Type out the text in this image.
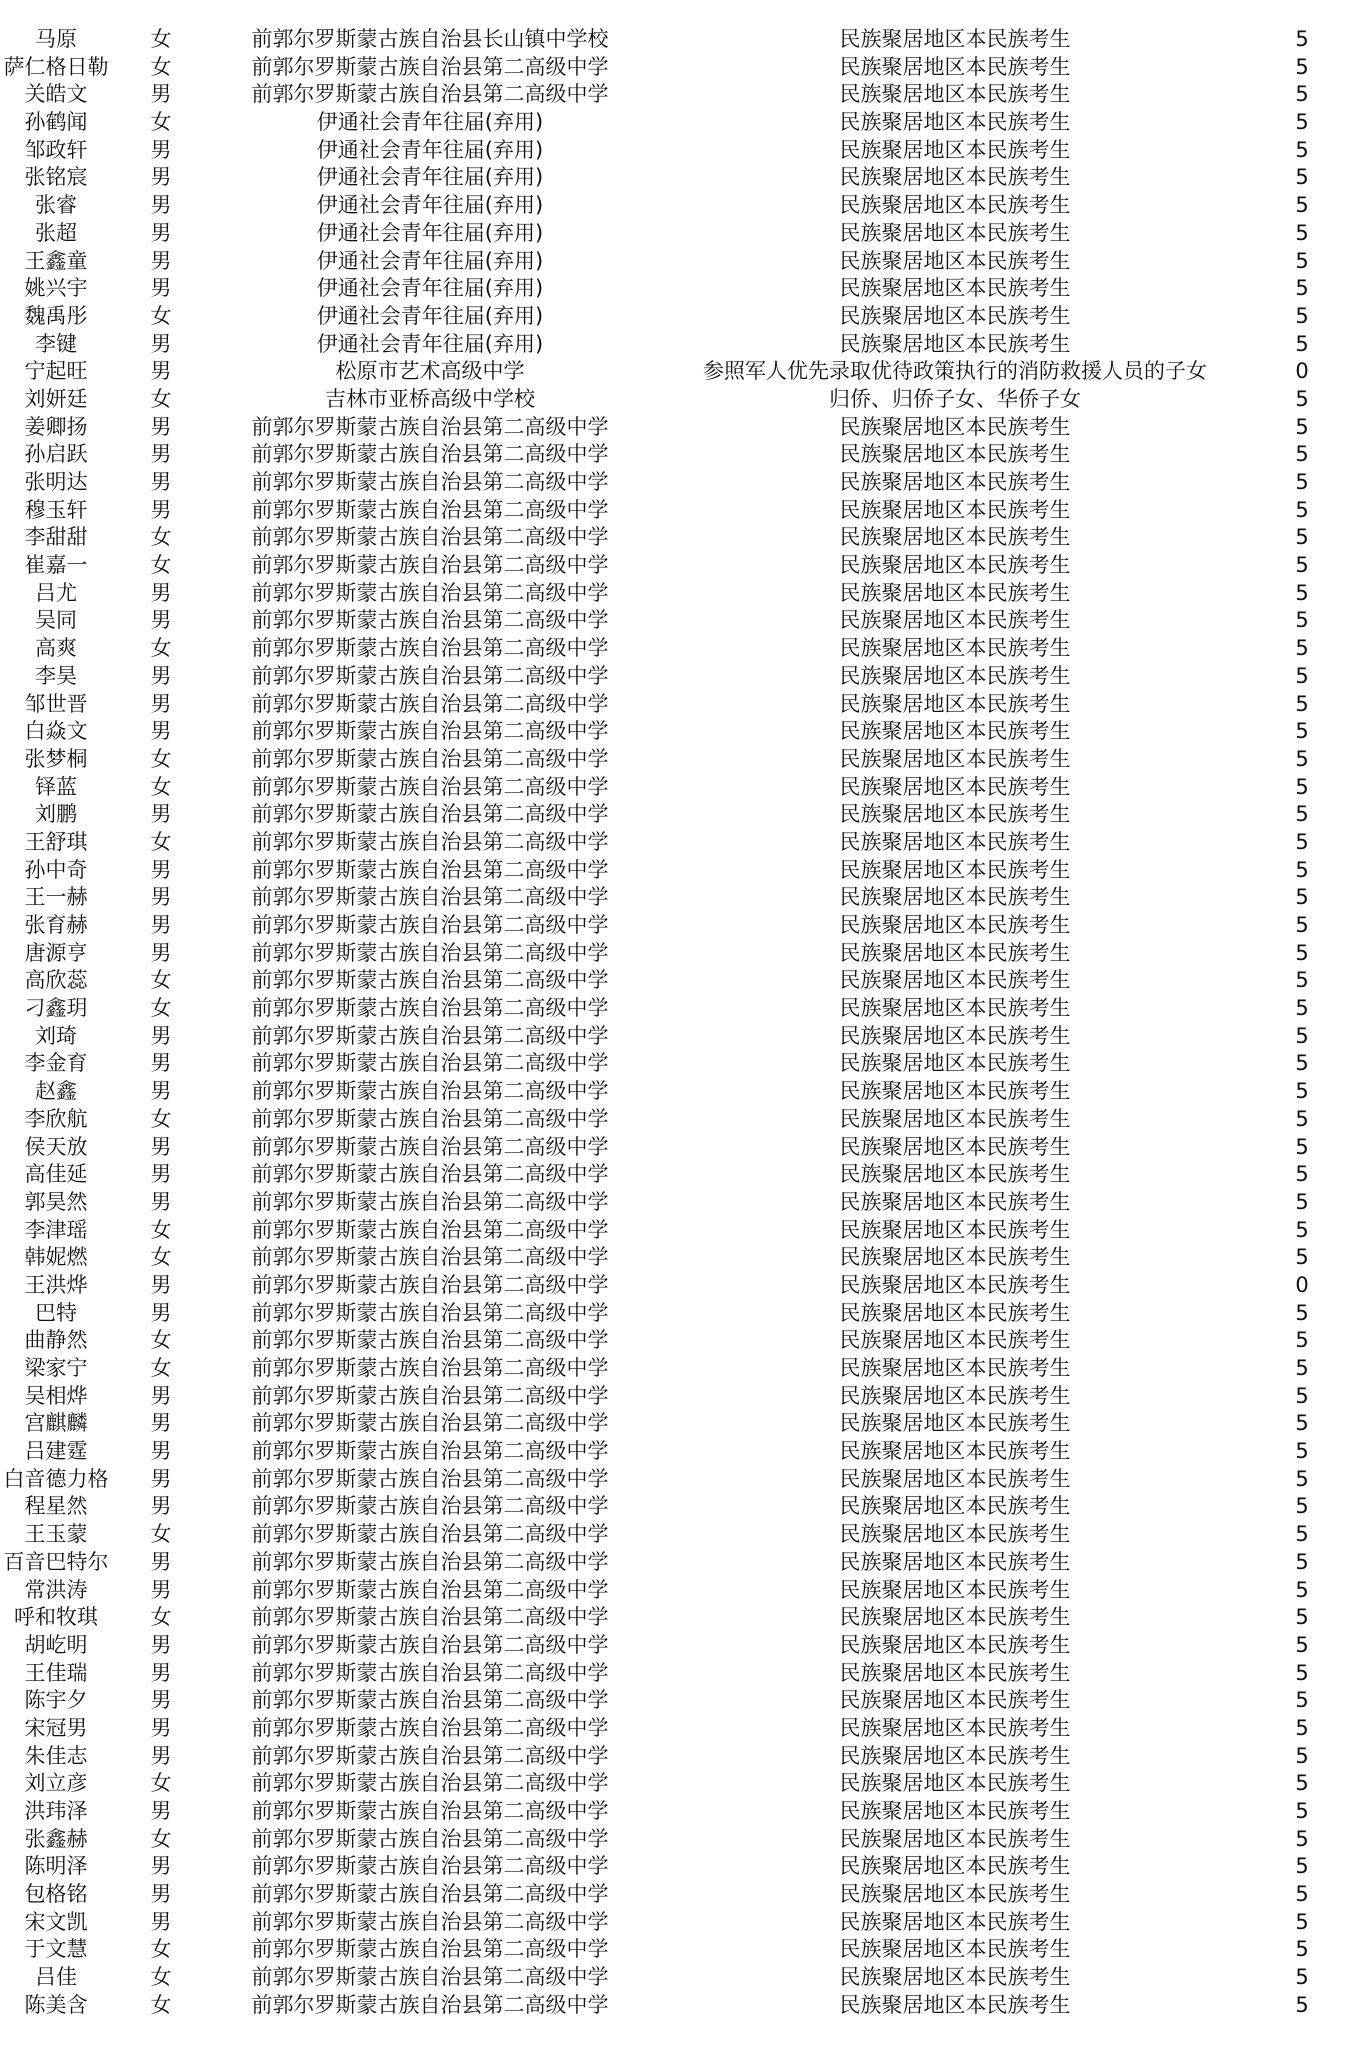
马原	女	前郭尔罗斯蒙古族自治县长山镇中学校	民族聚居地区本民族考生	5
萨仁格日勒	女	前郭尔罗斯蒙古族自治县第二高级中学	民族聚居地区本民族考生	5
关皓文	男	前郭尔罗斯蒙古族自治县第二高级中学	民族聚居地区本民族考生	5
孙鹤闻	女	伊通社会青年往届(弃用)	民族聚居地区本民族考生	5
邹政轩	男	伊通社会青年往届(弃用)	民族聚居地区本民族考生	5
张铭宸	男	伊通社会青年往届(弃用)	民族聚居地区本民族考生	5
张睿	男	伊通社会青年往届(弃用)	民族聚居地区本民族考生	5
张超	男	伊通社会青年往届(弃用)	民族聚居地区本民族考生	5
王鑫童	男	伊通社会青年往届(弃用)	民族聚居地区本民族考生	5
姚兴宇	男	伊通社会青年往届(弃用)	民族聚居地区本民族考生	5
魏禹彤	女	伊通社会青年往届(弃用)	民族聚居地区本民族考生	5
李键	男	伊通社会青年往届(弃用)	民族聚居地区本民族考生	5
宁起旺	男	松原市艺术高级中学	参照军人优先录取优待政策执行的消防救援人员的子女	0
刘妍廷	女	吉林市亚桥高级中学校	归侨、归侨子女、华侨子女	5
姜卿扬	男	前郭尔罗斯蒙古族自治县第二高级中学	民族聚居地区本民族考生	5
孙启跃	男	前郭尔罗斯蒙古族自治县第二高级中学	民族聚居地区本民族考生	5
张明达	男	前郭尔罗斯蒙古族自治县第二高级中学	民族聚居地区本民族考生	5
穆玉轩	男	前郭尔罗斯蒙古族自治县第二高级中学	民族聚居地区本民族考生	5
李甜甜	女	前郭尔罗斯蒙古族自治县第二高级中学	民族聚居地区本民族考生	5
崔嘉一	女	前郭尔罗斯蒙古族自治县第二高级中学	民族聚居地区本民族考生	5
吕尤	男	前郭尔罗斯蒙古族自治县第二高级中学	民族聚居地区本民族考生	5
吴同	男	前郭尔罗斯蒙古族自治县第二高级中学	民族聚居地区本民族考生	5
高爽	女	前郭尔罗斯蒙古族自治县第二高级中学	民族聚居地区本民族考生	5
李昊	男	前郭尔罗斯蒙古族自治县第二高级中学	民族聚居地区本民族考生	5
邹世晋	男	前郭尔罗斯蒙古族自治县第二高级中学	民族聚居地区本民族考生	5
白焱文	男	前郭尔罗斯蒙古族自治县第二高级中学	民族聚居地区本民族考生	5
张梦桐	女	前郭尔罗斯蒙古族自治县第二高级中学	民族聚居地区本民族考生	5
铎蓝	女	前郭尔罗斯蒙古族自治县第二高级中学	民族聚居地区本民族考生	5
刘鹏	男	前郭尔罗斯蒙古族自治县第二高级中学	民族聚居地区本民族考生	5
王舒琪	女	前郭尔罗斯蒙古族自治县第二高级中学	民族聚居地区本民族考生	5
孙中奇	男	前郭尔罗斯蒙古族自治县第二高级中学	民族聚居地区本民族考生	5
王一赫	男	前郭尔罗斯蒙古族自治县第二高级中学	民族聚居地区本民族考生	5
张育赫	男	前郭尔罗斯蒙古族自治县第二高级中学	民族聚居地区本民族考生	5
唐源亨	男	前郭尔罗斯蒙古族自治县第二高级中学	民族聚居地区本民族考生	5
高欣蕊	女	前郭尔罗斯蒙古族自治县第二高级中学	民族聚居地区本民族考生	5
刁鑫玥	女	前郭尔罗斯蒙古族自治县第二高级中学	民族聚居地区本民族考生	5
刘琦	男	前郭尔罗斯蒙古族自治县第二高级中学	民族聚居地区本民族考生	5
李金育	男	前郭尔罗斯蒙古族自治县第二高级中学	民族聚居地区本民族考生	5
赵鑫	男	前郭尔罗斯蒙古族自治县第二高级中学	民族聚居地区本民族考生	5
李欣航	女	前郭尔罗斯蒙古族自治县第二高级中学	民族聚居地区本民族考生	5
侯天放	男	前郭尔罗斯蒙古族自治县第二高级中学	民族聚居地区本民族考生	5
高佳延	男	前郭尔罗斯蒙古族自治县第二高级中学	民族聚居地区本民族考生	5
郭昊然	男	前郭尔罗斯蒙古族自治县第二高级中学	民族聚居地区本民族考生	5
李津瑶	女	前郭尔罗斯蒙古族自治县第二高级中学	民族聚居地区本民族考生	5
韩妮燃	女	前郭尔罗斯蒙古族自治县第二高级中学	民族聚居地区本民族考生	5
王洪烨	男	前郭尔罗斯蒙古族自治县第二高级中学	民族聚居地区本民族考生	0
巴特	男	前郭尔罗斯蒙古族自治县第二高级中学	民族聚居地区本民族考生	5
曲静然	女	前郭尔罗斯蒙古族自治县第二高级中学	民族聚居地区本民族考生	5
梁家宁	女	前郭尔罗斯蒙古族自治县第二高级中学	民族聚居地区本民族考生	5
吴相烨	男	前郭尔罗斯蒙古族自治县第二高级中学	民族聚居地区本民族考生	5
宫麒麟	男	前郭尔罗斯蒙古族自治县第二高级中学	民族聚居地区本民族考生	5
吕建霆	男	前郭尔罗斯蒙古族自治县第二高级中学	民族聚居地区本民族考生	5
白音德力格	男	前郭尔罗斯蒙古族自治县第二高级中学	民族聚居地区本民族考生	5
程星然	男	前郭尔罗斯蒙古族自治县第二高级中学	民族聚居地区本民族考生	5
王玉蒙	女	前郭尔罗斯蒙古族自治县第二高级中学	民族聚居地区本民族考生	5
百音巴特尔	男	前郭尔罗斯蒙古族自治县第二高级中学	民族聚居地区本民族考生	5
常洪涛	男	前郭尔罗斯蒙古族自治县第二高级中学	民族聚居地区本民族考生	5
呼和牧琪	女	前郭尔罗斯蒙古族自治县第二高级中学	民族聚居地区本民族考生	5
胡屹明	男	前郭尔罗斯蒙古族自治县第二高级中学	民族聚居地区本民族考生	5
王佳瑞	男	前郭尔罗斯蒙古族自治县第二高级中学	民族聚居地区本民族考生	5
陈宇夕	男	前郭尔罗斯蒙古族自治县第二高级中学	民族聚居地区本民族考生	5
宋冠男	男	前郭尔罗斯蒙古族自治县第二高级中学	民族聚居地区本民族考生	5
朱佳志	男	前郭尔罗斯蒙古族自治县第二高级中学	民族聚居地区本民族考生	5
刘立彦	女	前郭尔罗斯蒙古族自治县第二高级中学	民族聚居地区本民族考生	5
洪玮泽	男	前郭尔罗斯蒙古族自治县第二高级中学	民族聚居地区本民族考生	5
张鑫赫	女	前郭尔罗斯蒙古族自治县第二高级中学	民族聚居地区本民族考生	5
陈明泽	男	前郭尔罗斯蒙古族自治县第二高级中学	民族聚居地区本民族考生	5
包格铭	男	前郭尔罗斯蒙古族自治县第二高级中学	民族聚居地区本民族考生	5
宋文凯	男	前郭尔罗斯蒙古族自治县第二高级中学	民族聚居地区本民族考生	5
于文慧	女	前郭尔罗斯蒙古族自治县第二高级中学	民族聚居地区本民族考生	5
吕佳	女	前郭尔罗斯蒙古族自治县第二高级中学	民族聚居地区本民族考生	5
陈美含	女	前郭尔罗斯蒙古族自治县第二高级中学	民族聚居地区本民族考生	5
